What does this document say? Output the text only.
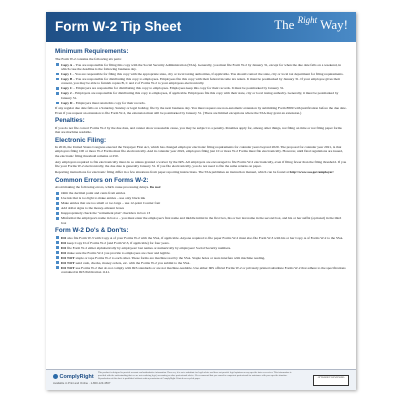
Form W-2 Tip Sheet	The $^{Right}$ Way!
Minimum Requirements:

The Form W-2 contains the following six parts:

Copy A – You are responsible for filing this copy with the Social Security Administration (SSA). Generally, you must file Form W-2 by January 31, except for when the due date falls on a weekend, in which case the deadline is the following business day.
Copy 1 – You are responsible for filing this copy with the appropriate state, city or local taxing authorities, if applicable. You should contact the state, city or local tax department for filing requirements.
Copy B – You are responsible for distributing this copy to employees. Employees file this copy with their federal income tax return. It must be postmarked by January 31. If your employee gives their consent, you may be able to furnish copies B, C and 2 of Forms W-2 to your employees electronically.
Copy C – Employers are responsible for distributing this copy to employees. Employees keep this copy for their records. It must be postmarked by January 31.
Copy 2 – Employers are responsible for distributing this copy to employees, if applicable. Employees file this copy with their state, city or local taxing authority. Generally, it must be postmarked by January 31.
Copy D – Employers must retain this copy for their records.

If any regular due date falls on a Saturday, Sunday or legal holiday, file by the next business day. You must request one non-automatic extension by submitting Form 8809 with justification before the due date. Even if you request an extension to file Form W-2, the extension must still be postmarked by January 31. (There are limited exceptions where the SSA may grant an extension.)

Penalties:

If you do not file correct Forms W-2 by the due date, and cannot show reasonable cause, you may be subject to a penalty. Penalties apply for, among other things, not filing on time or not filing paper forms that are machine readable.

Electronic Filing:

In 2016, the United States Congress enacted the Taxpayer First Act, which has changed employer electronic filing requirements for calendar years beyond 2020. The proposal for calendar year 2021, is that employers filing 100 or more W-2 Forms must file electronically. And in calendar year 2022, employers filing just 10 or more W-2 Forms must file electronically. However, until final regulations are issued, the electronic filing threshold remains at 250.

Any employers required to file electronically must do so unless granted a waiver by the IRS. All employers are encouraged to file Forms W-2 electronically, even if filing fewer than the filing threshold. If you file your Forms W-2 electronically, the due date is generally January 31. If you file electronically, you do not need to file the same returns on paper.

Reporting instructions for electronic filing differ in a few situations from paper reporting instructions. The SSA publishes an instruction manual, which can be found at http://www.ssa.gov/employer/

Common Errors on Forms W-2:

Avoid making the following errors, which cause processing delays. Do not:

Omit the decimal point and cents from entries
Use ink that is too light to make entries – use only black ink
Make entries that are too small or too large – use 12-point Courier font
Add dollar signs to the money-amount boxes
Inappropriately check the "retirement plan" checkbox in box 13
Misformat the employee's name in box e – you must enter the employee's first name and middle initial in the first box, his or her last name in the second box, and his or her suffix (optional) in the third box
Form W-2 Do's & Don'ts:
DO also file Form W-3 with Copy A of your Forms W-2 with the SSA, if applicable. Anyone required to file paper Forms W-2 must also file Form W-3 with his or her Copy A of Forms W-2 to the SSA.
DO keep Copy D of Forms W-2 (and Form W-3, if applicable) for four years.
DO file Form W-2 either alphabetically by employees' last names or numerically by employees' Social Security numbers.
DO make sure the Forms W-2 you provide to employees are clear and legible.
DO NOT staple or tape Forms W-2 to each other. These forms are machine read by the SSA. Staple holes or tears interfere with machine reading.
DO NOT send cash, checks, money orders, etc. with the Forms W-2 you submit to the SSA.
DO NOT use Forms W-2 that do not comply with IRS standards or are not machine-readable. Use either IRS official Forms W-2 or privately printed substitute Forms W-2 that adhere to the specifications contained in IRS Publication 1141.
ComplyRight
Available in Print and Online · 1-800-123-4567
This product is designed to provide accurate and authoritative information. However, it is not a substitute for legal advice and does not provide legal opinions on any specific facts or services. This information is provided with the understanding that we are not rendering legal, accounting or other professional advice. We recommend that you consult a competent professional for assistance with your specific situation. Reproduction of this sheet is prohibited without written permission of ComplyRight. Printed on recycled paper.	ATTORNEY REVIEWED
